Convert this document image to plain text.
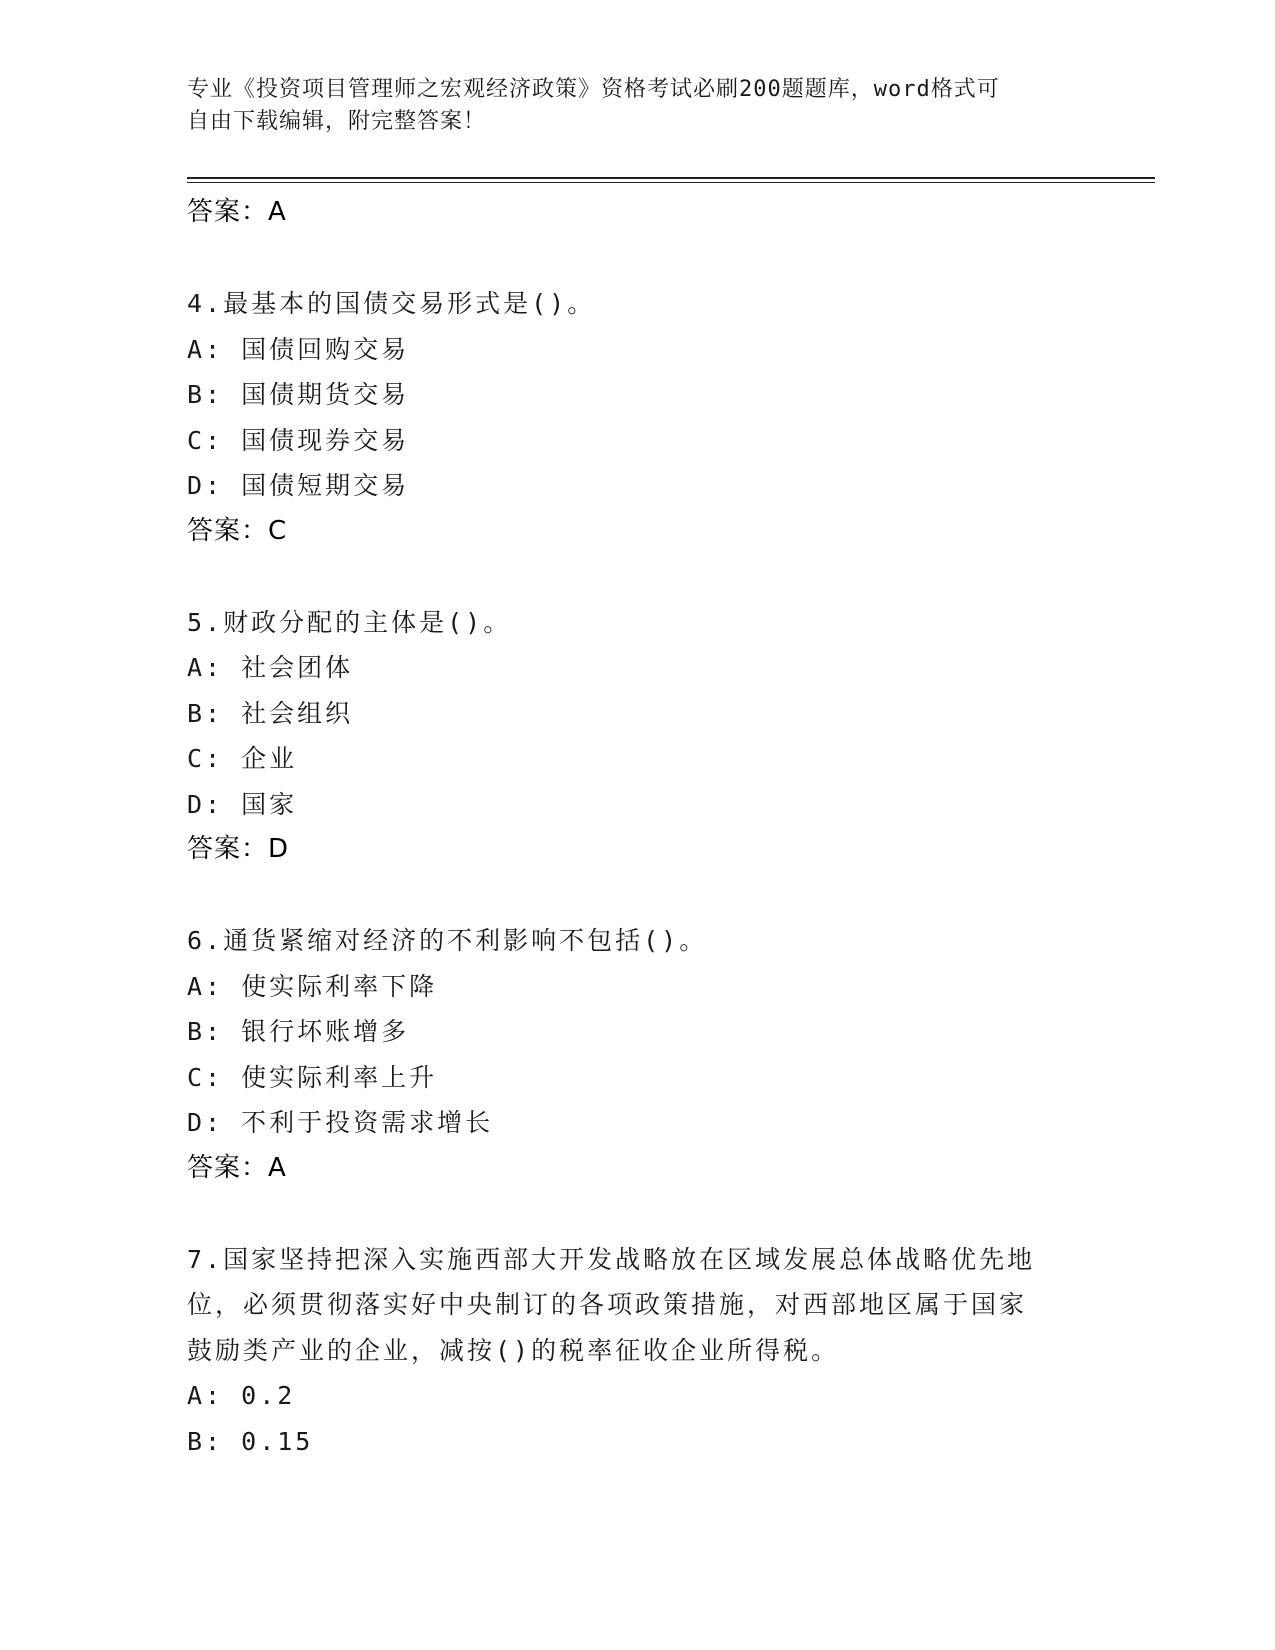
专业《投资项目管理师之宏观经济政策》资格考试必刷200题题库，word格式可
自由下载编辑，附完整答案！
答案：A
4.最基本的国债交易形式是()。
A: 国债回购交易
B: 国债期货交易
C: 国债现券交易
D: 国债短期交易
答案：C
5.财政分配的主体是()。
A: 社会团体
B: 社会组织
C: 企业
D: 国家
答案：D
6.通货紧缩对经济的不利影响不包括()。
A: 使实际利率下降
B: 银行坏账增多
C: 使实际利率上升
D: 不利于投资需求增长
答案：A
7.国家坚持把深入实施西部大开发战略放在区域发展总体战略优先地
位，必须贯彻落实好中央制订的各项政策措施，对西部地区属于国家
鼓励类产业的企业，减按()的税率征收企业所得税。
A: 0.2
B: 0.15
